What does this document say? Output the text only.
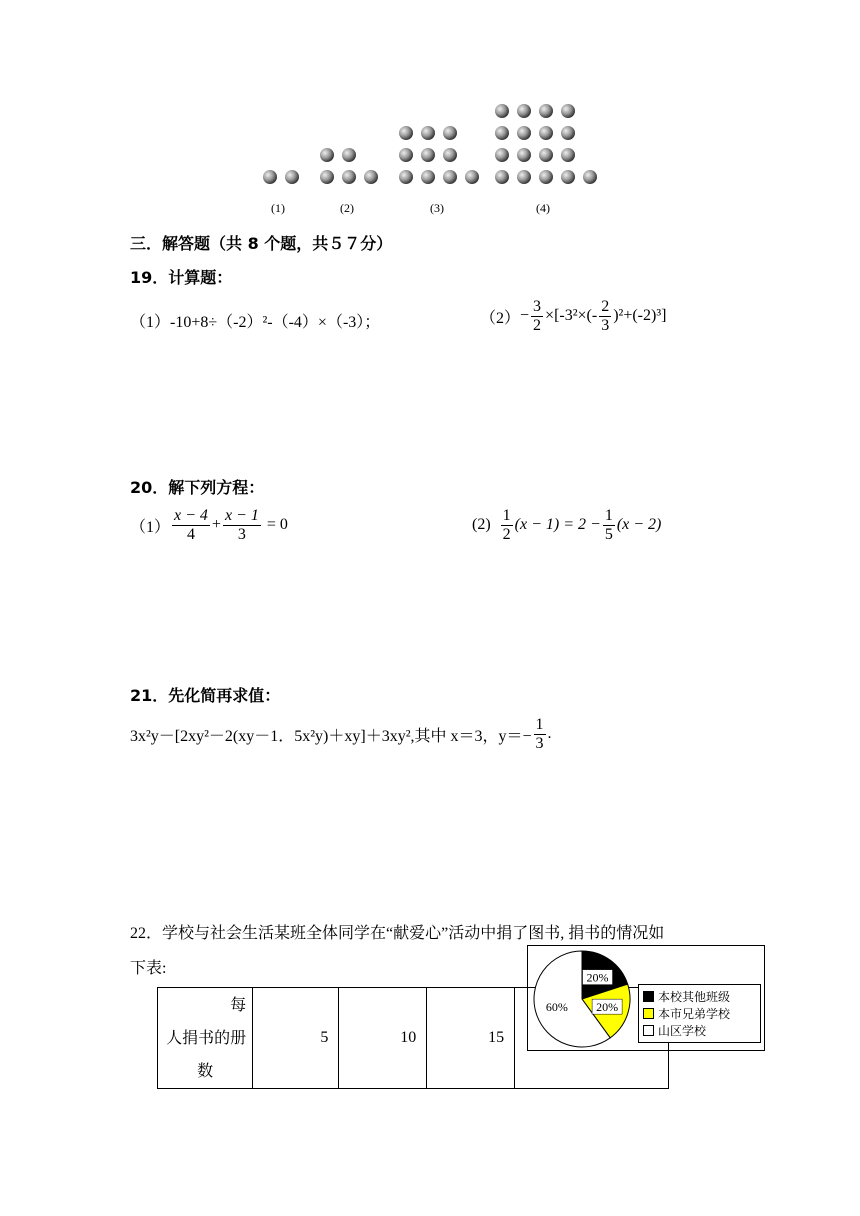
(1)	(2)	(3)	(4)
三．解答题（共 8 个题，共５７分）
19．计算题：
（1）-10+8÷（-2）²-（-4）×（-3）；	$(2) - \frac{3}{2} \times[-3^2\times(- \frac{2}{3} )^2+(-2)^3]$
20．解下列方程：
$(1) \frac{x - 4}{4} + \frac{x - 1}{3} = 0$	$(2) \frac{1}{2} (x - 1) = 2 - \frac{1}{5} (x - 2)$
21．先化简再求值：
3x²y－[2xy²－2(xy－1．5x²y)＋xy]＋3xy²,其中 x＝3，$y=- \frac{1}{3}$ .
22．学校与社会生活某班全体同学在“献爱心”活动中捐了图书, 捐书的情况如
下表:
每
人捐书的册
数
	5	10	15	
20%
20%
60%
本校其他班级
本市兄弟学校
山区学校
